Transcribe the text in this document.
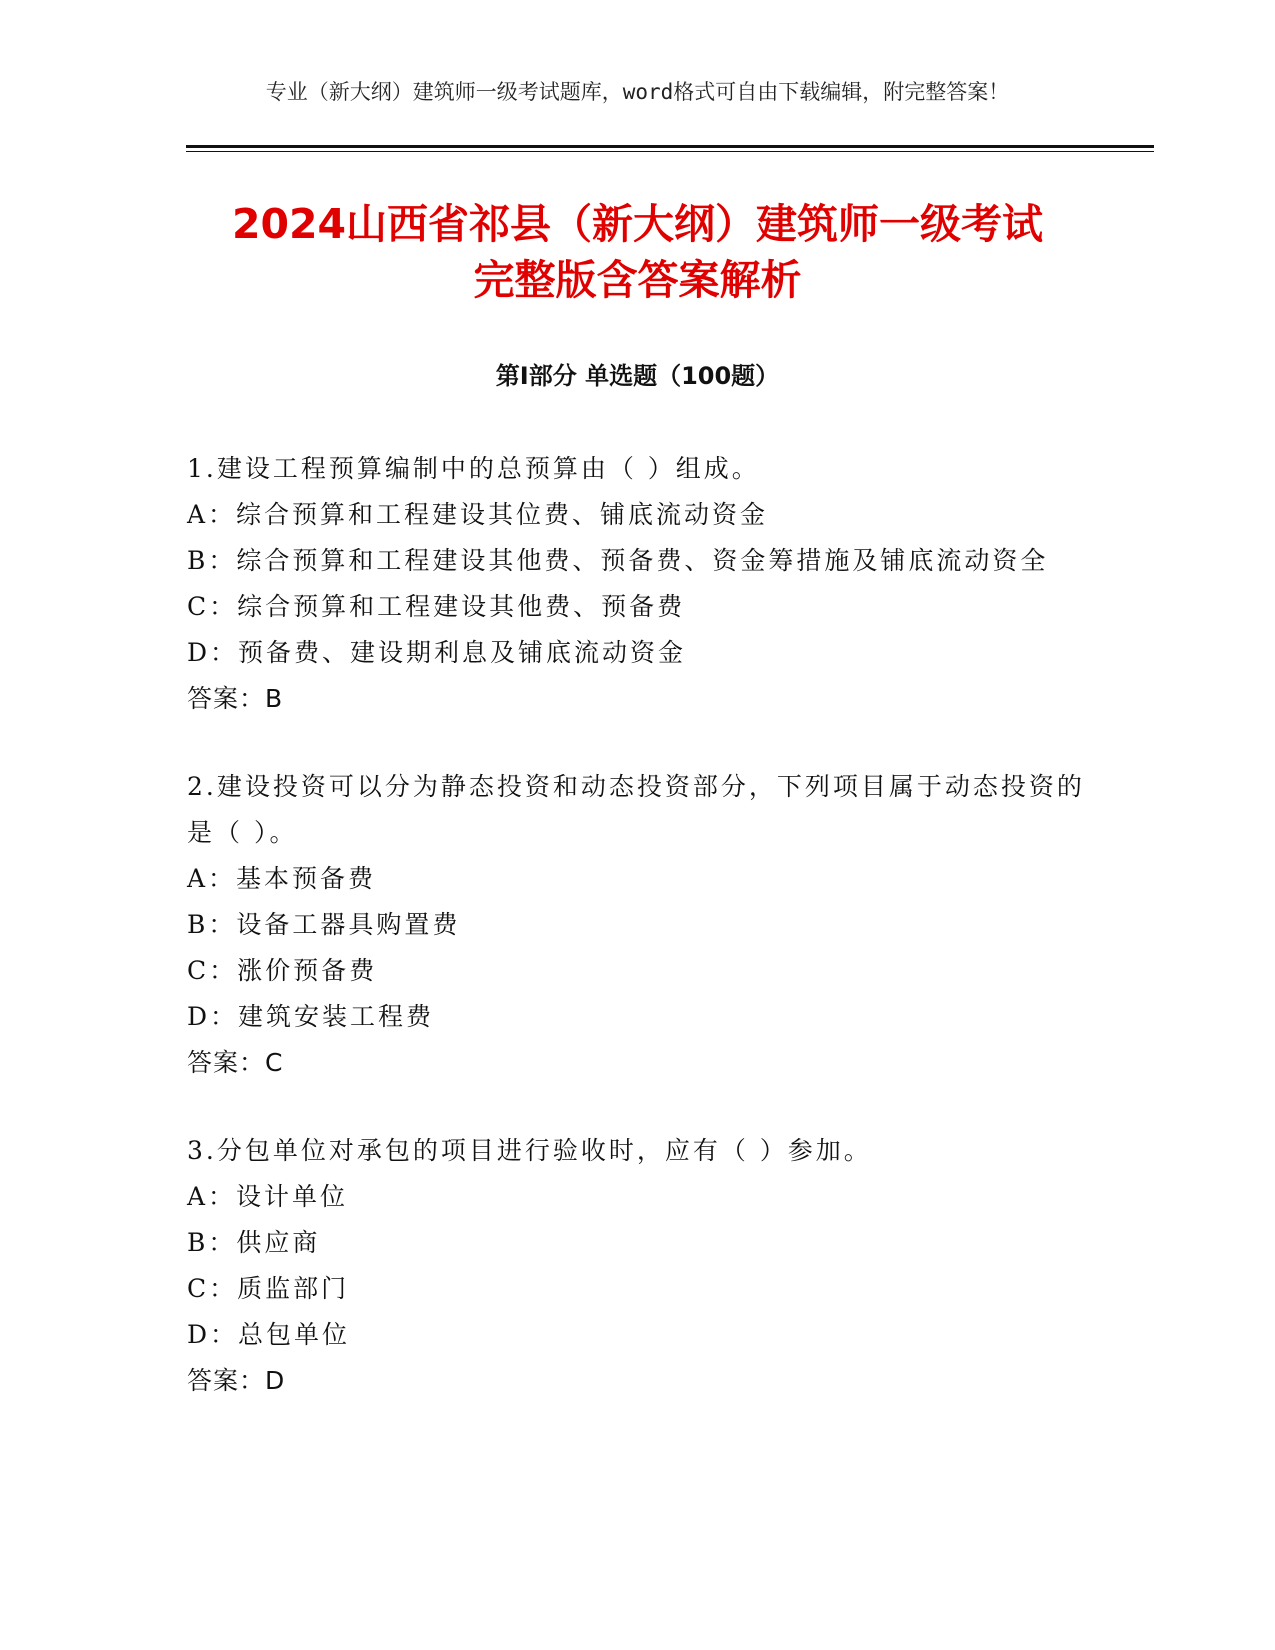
专业（新大纲）建筑师一级考试题库，word格式可自由下载编辑，附完整答案！
2024山西省祁县（新大纲）建筑师一级考试
完整版含答案解析
第Ⅰ部分 单选题（100题）
1.建设工程预算编制中的总预算由（ ）组成。
A：综合预算和工程建设其位费、铺底流动资金
B：综合预算和工程建设其他费、预备费、资金筹措施及铺底流动资全
C：综合预算和工程建设其他费、预备费
D：预备费、建设期利息及铺底流动资金
答案：B
2.建设投资可以分为静态投资和动态投资部分，下列项目属于动态投资的是（ ）。
A：基本预备费
B：设备工器具购置费
C：涨价预备费
D：建筑安装工程费
答案：C
3.分包单位对承包的项目进行验收时，应有（ ）参加。
A：设计单位
B：供应商
C：质监部门
D：总包单位
答案：D
